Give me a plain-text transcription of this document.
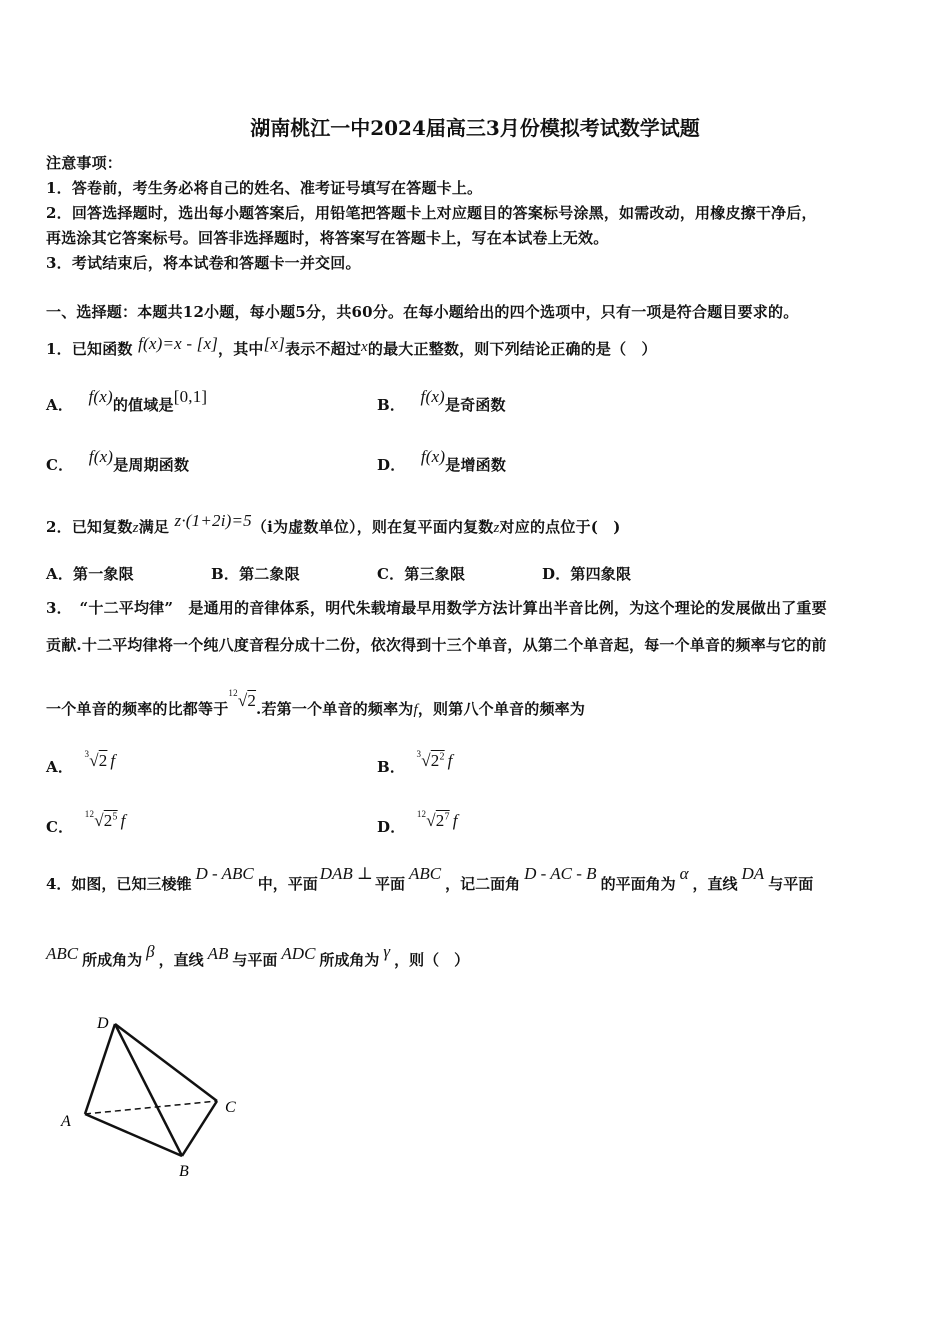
湖南桃江一中2024届高三3月份模拟考试数学试题
注意事项：
1．答卷前，考生务必将自己的姓名、准考证号填写在答题卡上。
2．回答选择题时，选出每小题答案后，用铅笔把答题卡上对应题目的答案标号涂黑，如需改动，用橡皮擦干净后，
再选涂其它答案标号。回答非选择题时，将答案写在答题卡上，写在本试卷上无效。
3．考试结束后，将本试卷和答题卡一并交回。
一、选择题：本题共12小题，每小题5分，共60分。在每小题给出的四个选项中，只有一项是符合题目要求的。
1．已知函数 f(x)=x - [x]，其中[x]表示不超过x的最大正整数，则下列结论正确的是（　）
A． f(x)的值域是[0,1]	B． f(x)是奇函数
C． f(x)是周期函数	D． f(x)是增函数
2．已知复数z满足 z·(1+2i)=5（i为虚数单位），则在复平面内复数z对应的点位于(　)
A．第一象限	B．第二象限	C．第三象限	D．第四象限
3．　“十二平均律”　是通用的音律体系，明代朱载堉最早用数学方法计算出半音比例，为这个理论的发展做出了重要
贡献.十二平均律将一个纯八度音程分成十二份，依次得到十三个单音，从第二个单音起，每一个单音的频率与它的前
一个单音的频率的比都等于$^{12}$√2.若第一个单音的频率为f，则第八个单音的频率为
A． $^3$√2 f	B． $^3√2^2$ f
C． $^{12}√2^5$ f	D． $^{12}√2^7$ f
4．如图，已知三棱锥D - ABC中，平面DAB ⊥平面ABC，记二面角D - AC - B的平面角为α，直线DA与平面
ABC 所成角为 β ，直线 AB 与平面 ADC 所成角为 γ ，则（　）
D
A
B
C
